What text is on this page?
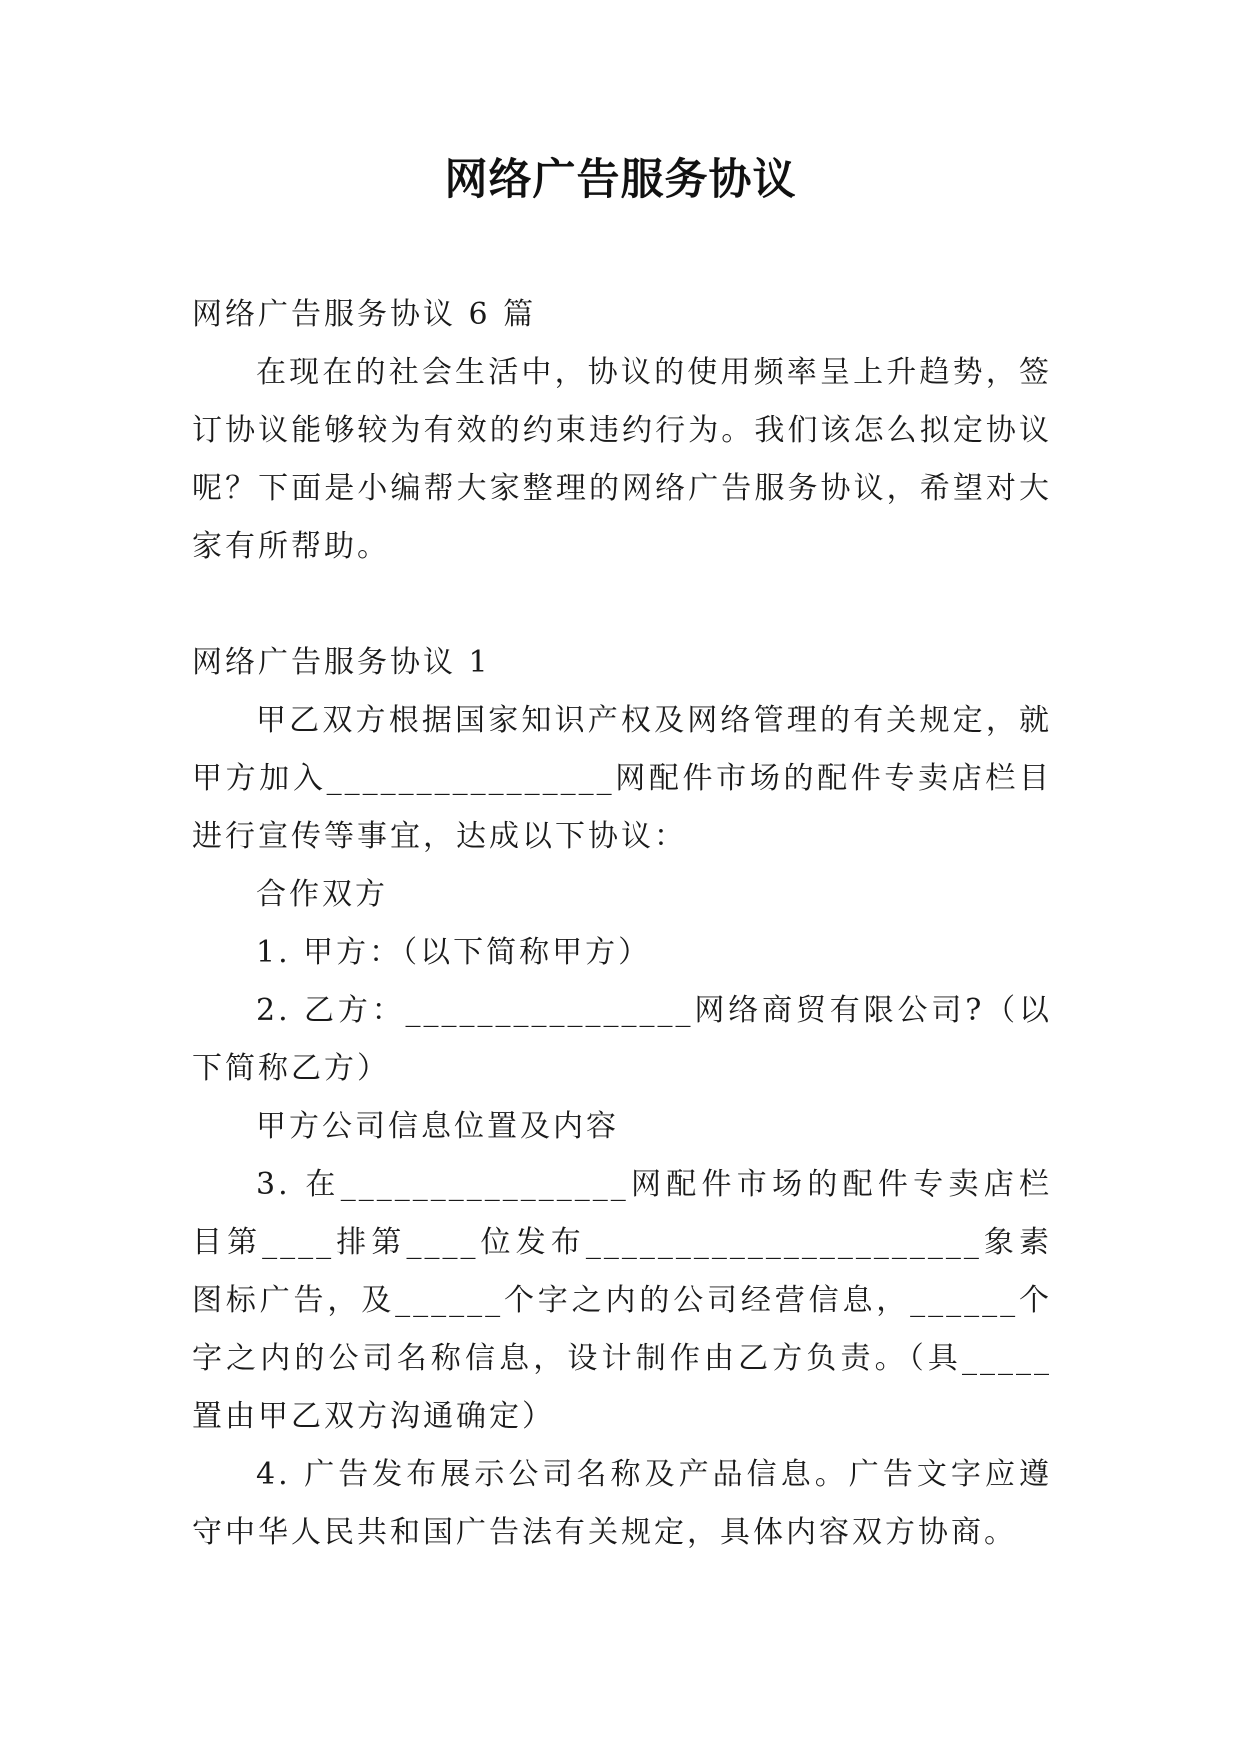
网络广告服务协议

网络广告服务协议 6 篇

在现在的社会生活中，协议的使用频率呈上升趋势，签订协议能够较为有效的约束违约行为。我们该怎么拟定协议呢？下面是小编帮大家整理的网络广告服务协议，希望对大家有所帮助。

网络广告服务协议 1

甲乙双方根据国家知识产权及网络管理的有关规定，就甲方加入________________网配件市场的配件专卖店栏目进行宣传等事宜，达成以下协议：

合作双方

1. 甲方：（以下简称甲方）

2. 乙方：________________网络商贸有限公司?（以下简称乙方）

甲方公司信息位置及内容

3. 在________________网配件市场的配件专卖店栏目第____排第____位发布______________________象素图标广告，及______个字之内的公司经营信息，______个字之内的公司名称信息，设计制作由乙方负责。（具_____置由甲乙双方沟通确定）

4. 广告发布展示公司名称及产品信息。广告文字应遵守中华人民共和国广告法有关规定，具体内容双方协商。
